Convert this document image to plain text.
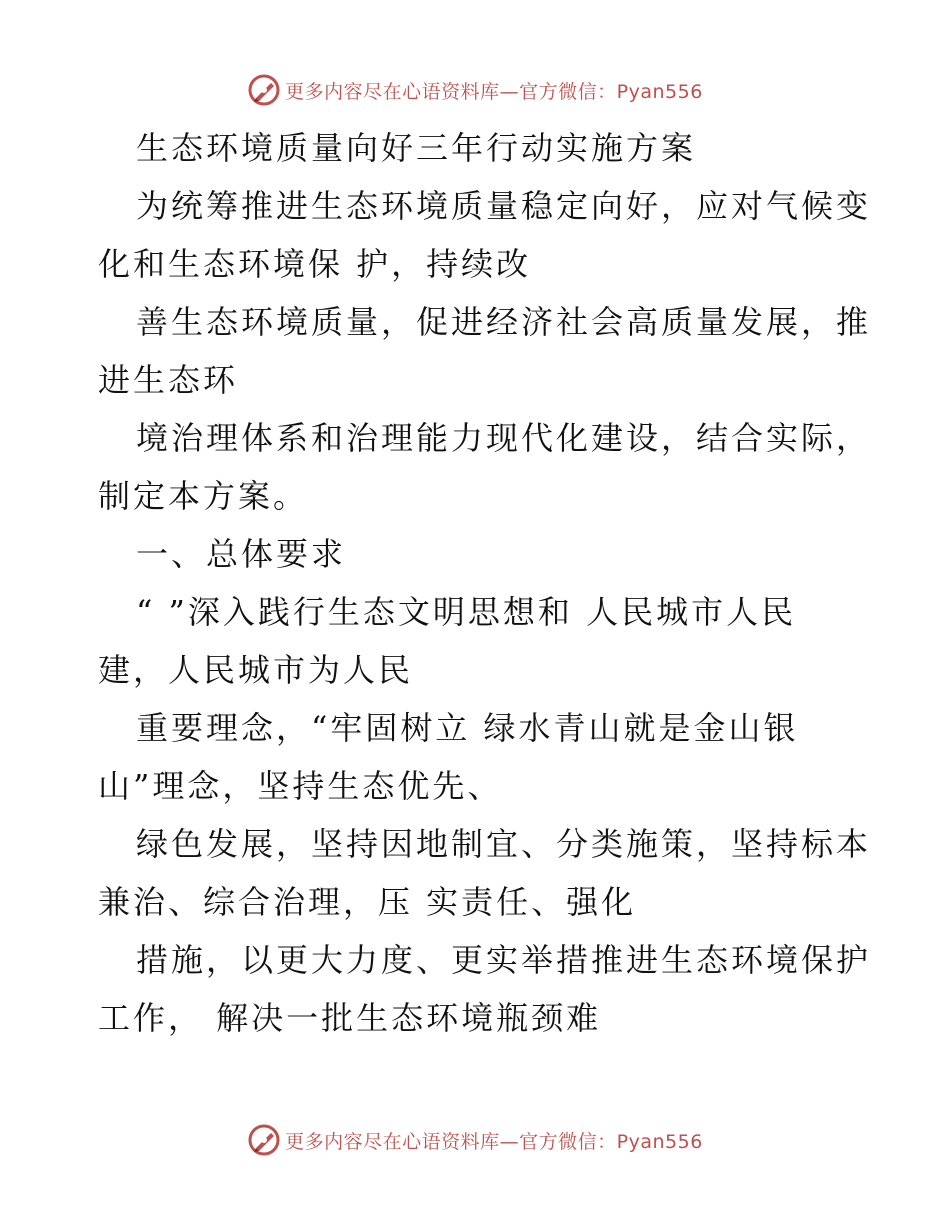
更多内容尽在心语资料库—官方微信：Pyan556
生态环境质量向好三年行动实施方案
为统筹推进生态环境质量稳定向好，应对气候变
化和生态环境保 护，持续改
善生态环境质量，促进经济社会高质量发展，推
进生态环
境治理体系和治理能力现代化建设，结合实际，
制定本方案。
一、总体要求
“ ”深入践行生态文明思想和 人民城市人民
建，人民城市为人民
重要理念，“牢固树立 绿水青山就是金山银
山”理念，坚持生态优先、
绿色发展，坚持因地制宜、分类施策，坚持标本
兼治、综合治理，压 实责任、强化
措施，以更大力度、更实举措推进生态环境保护
工作， 解决一批生态环境瓶颈难
更多内容尽在心语资料库—官方微信：Pyan556
